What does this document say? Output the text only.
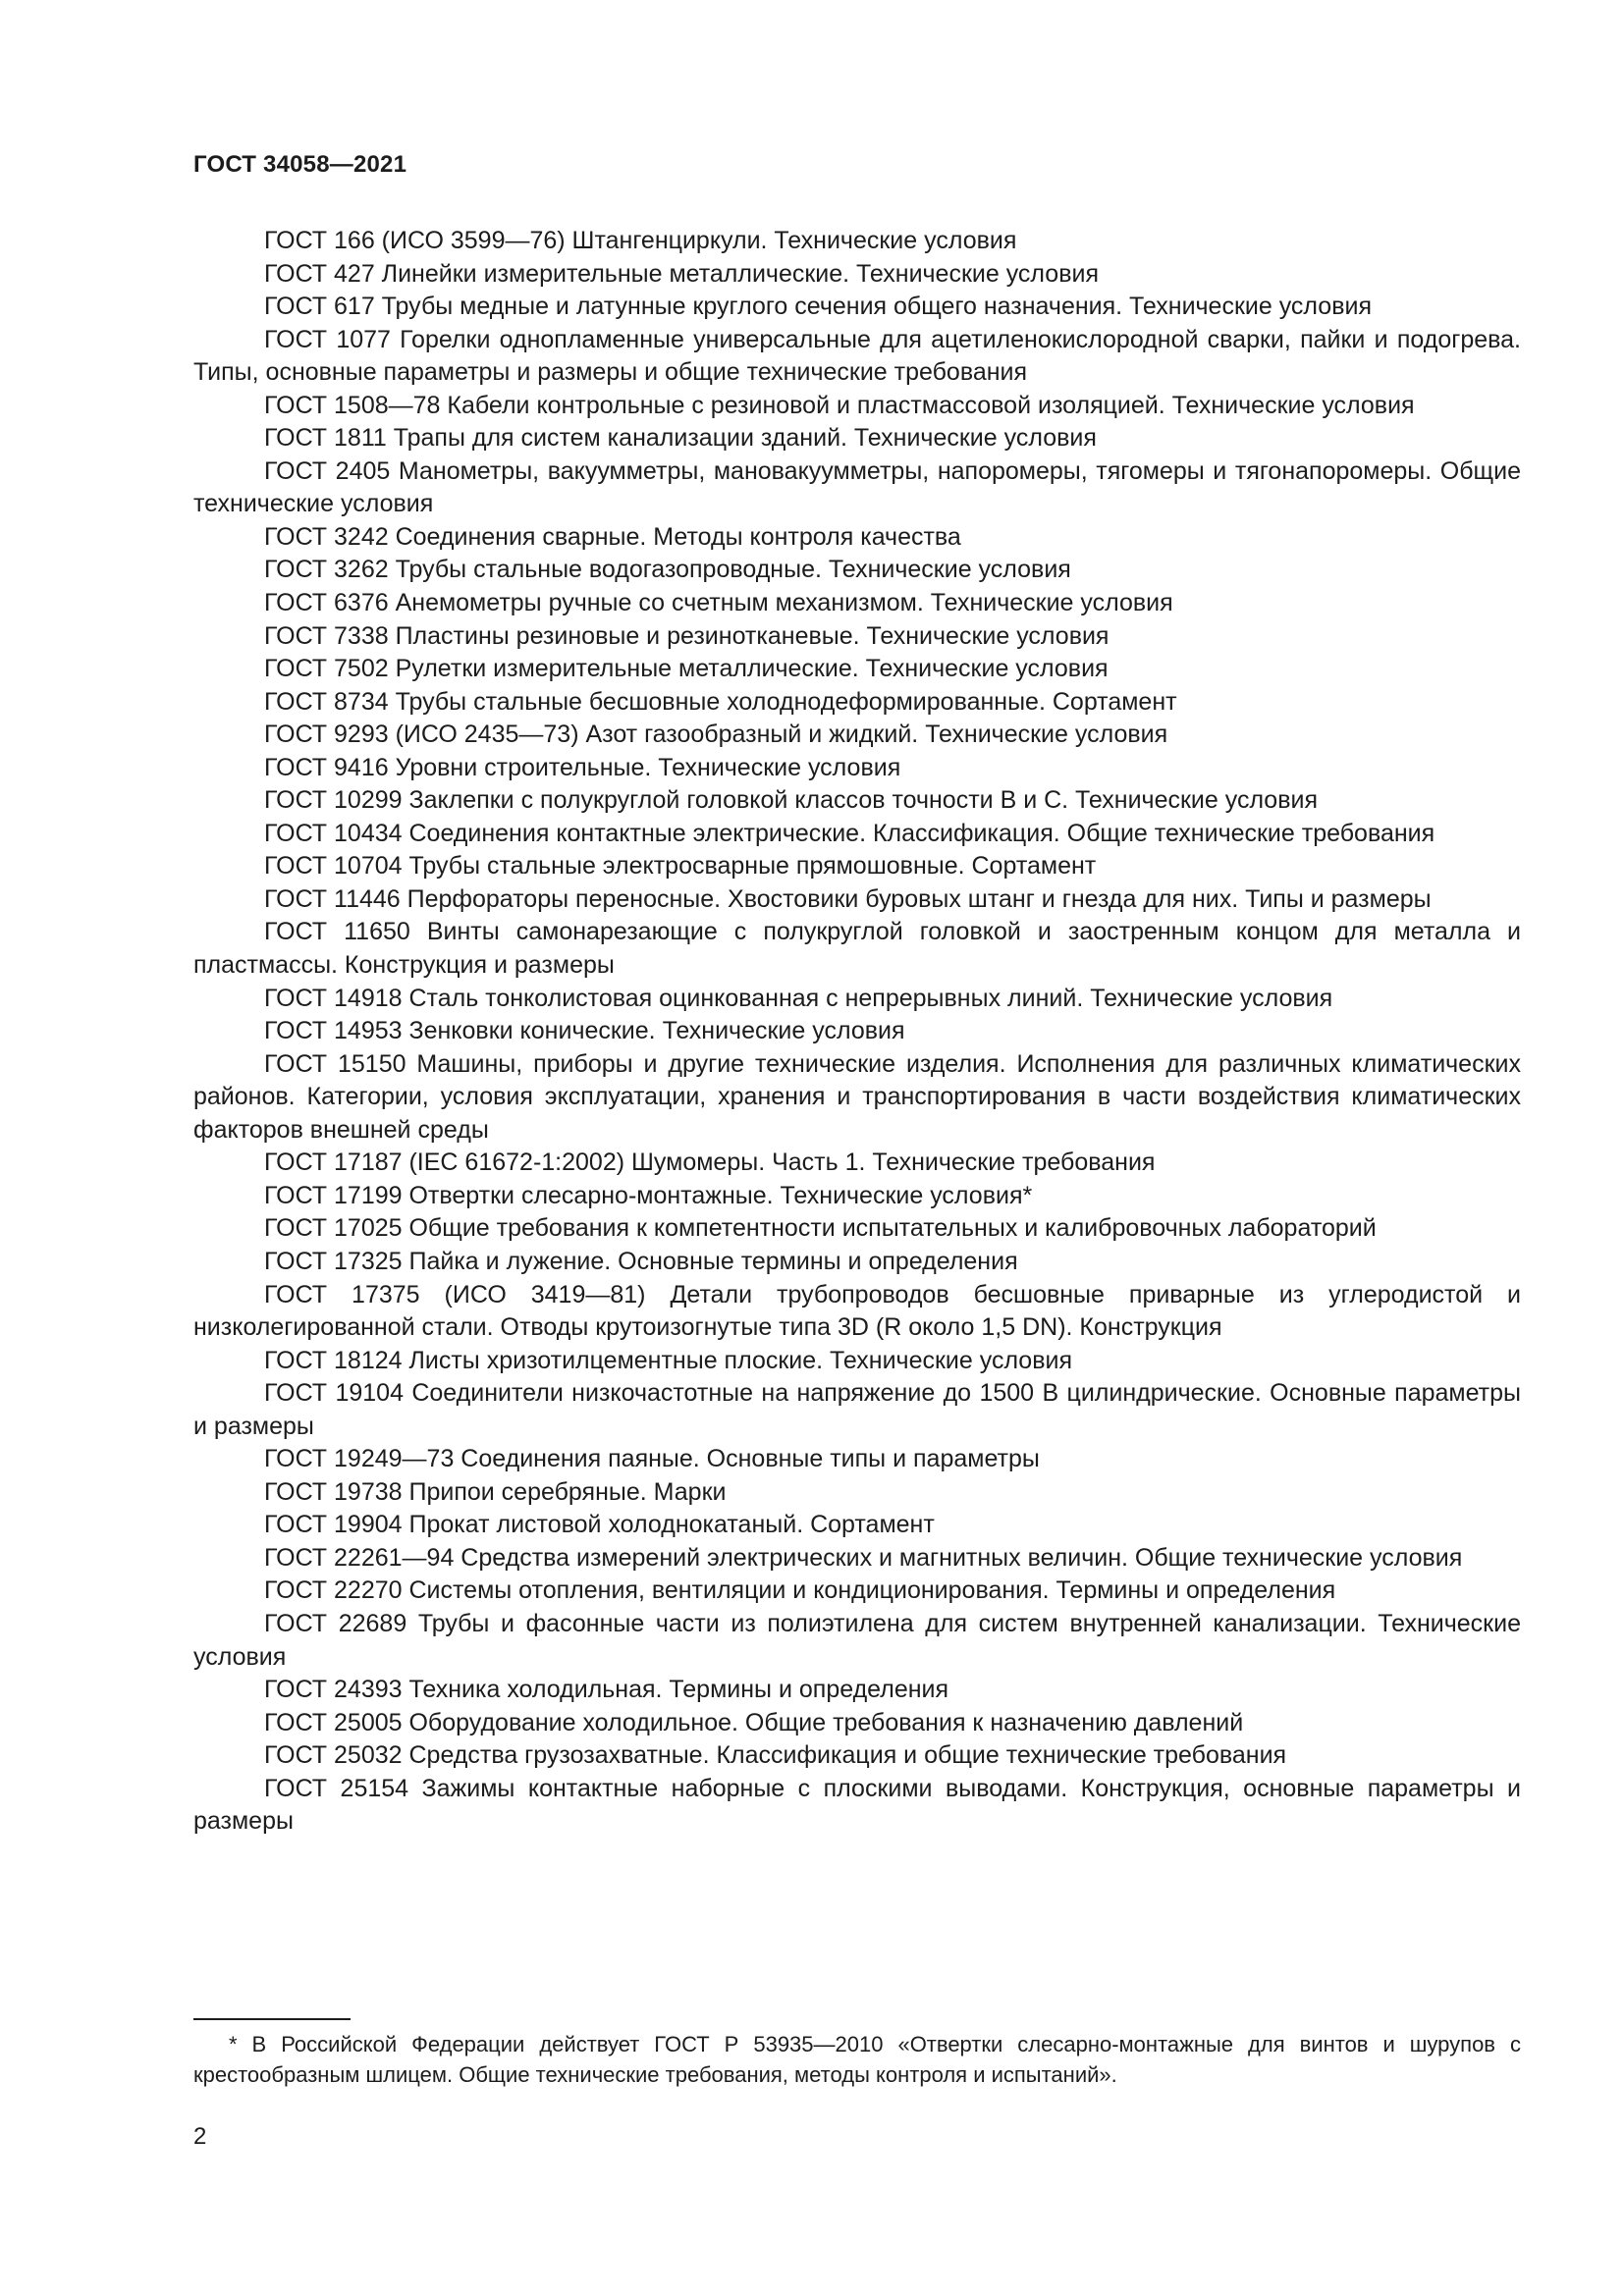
ГОСТ 34058—2021

ГОСТ 166 (ИСО 3599—76) Штангенциркули. Технические условия

ГОСТ 427 Линейки измерительные металлические. Технические условия

ГОСТ 617 Трубы медные и латунные круглого сечения общего назначения. Технические условия

ГОСТ 1077 Горелки однопламенные универсальные для ацетиленокислородной сварки, пайки и подогрева. Типы, основные параметры и размеры и общие технические требования

ГОСТ 1508—78 Кабели контрольные с резиновой и пластмассовой изоляцией. Технические условия

ГОСТ 1811 Трапы для систем канализации зданий. Технические условия

ГОСТ 2405 Манометры, вакуумметры, мановакуумметры, напоромеры, тягомеры и тягонапоромеры. Общие технические условия

ГОСТ 3242 Соединения сварные. Методы контроля качества

ГОСТ 3262 Трубы стальные водогазопроводные. Технические условия

ГОСТ 6376 Анемометры ручные со счетным механизмом. Технические условия

ГОСТ 7338 Пластины резиновые и резинотканевые. Технические условия

ГОСТ 7502 Рулетки измерительные металлические. Технические условия

ГОСТ 8734 Трубы стальные бесшовные холоднодеформированные. Сортамент

ГОСТ 9293 (ИСО 2435—73) Азот газообразный и жидкий. Технические условия

ГОСТ 9416 Уровни строительные. Технические условия

ГОСТ 10299 Заклепки с полукруглой головкой классов точности В и С. Технические условия

ГОСТ 10434 Соединения контактные электрические. Классификация. Общие технические требования

ГОСТ 10704 Трубы стальные электросварные прямошовные. Сортамент

ГОСТ 11446 Перфораторы переносные. Хвостовики буровых штанг и гнезда для них. Типы и размеры

ГОСТ 11650 Винты самонарезающие с полукруглой головкой и заостренным концом для металла и пластмассы. Конструкция и размеры

ГОСТ 14918 Сталь тонколистовая оцинкованная с непрерывных линий. Технические условия

ГОСТ 14953 Зенковки конические. Технические условия

ГОСТ 15150 Машины, приборы и другие технические изделия. Исполнения для различных климатических районов. Категории, условия эксплуатации, хранения и транспортирования в части воздействия климатических факторов внешней среды

ГОСТ 17187 (IEC 61672-1:2002) Шумомеры. Часть 1. Технические требования

ГОСТ 17199 Отвертки слесарно-монтажные. Технические условия*

ГОСТ 17025 Общие требования к компетентности испытательных и калибровочных лабораторий

ГОСТ 17325 Пайка и лужение. Основные термины и определения

ГОСТ 17375 (ИСО 3419—81) Детали трубопроводов бесшовные приварные из углеродистой и низколегированной стали. Отводы крутоизогнутые типа 3D (R около 1,5 DN). Конструкция

ГОСТ 18124 Листы хризотилцементные плоские. Технические условия

ГОСТ 19104 Соединители низкочастотные на напряжение до 1500 В цилиндрические. Основные параметры и размеры

ГОСТ 19249—73 Соединения паяные. Основные типы и параметры

ГОСТ 19738 Припои серебряные. Марки

ГОСТ 19904 Прокат листовой холоднокатаный. Сортамент

ГОСТ 22261—94 Средства измерений электрических и магнитных величин. Общие технические условия

ГОСТ 22270 Системы отопления, вентиляции и кондиционирования. Термины и определения

ГОСТ 22689 Трубы и фасонные части из полиэтилена для систем внутренней канализации. Технические условия

ГОСТ 24393 Техника холодильная. Термины и определения

ГОСТ 25005 Оборудование холодильное. Общие требования к назначению давлений

ГОСТ 25032 Средства грузозахватные. Классификация и общие технические требования

ГОСТ 25154 Зажимы контактные наборные с плоскими выводами. Конструкция, основные параметры и размеры

* В Российской Федерации действует ГОСТ Р 53935—2010 «Отвертки слесарно-монтажные для винтов и шурупов с крестообразным шлицем. Общие технические требования, методы контроля и испытаний».

2
